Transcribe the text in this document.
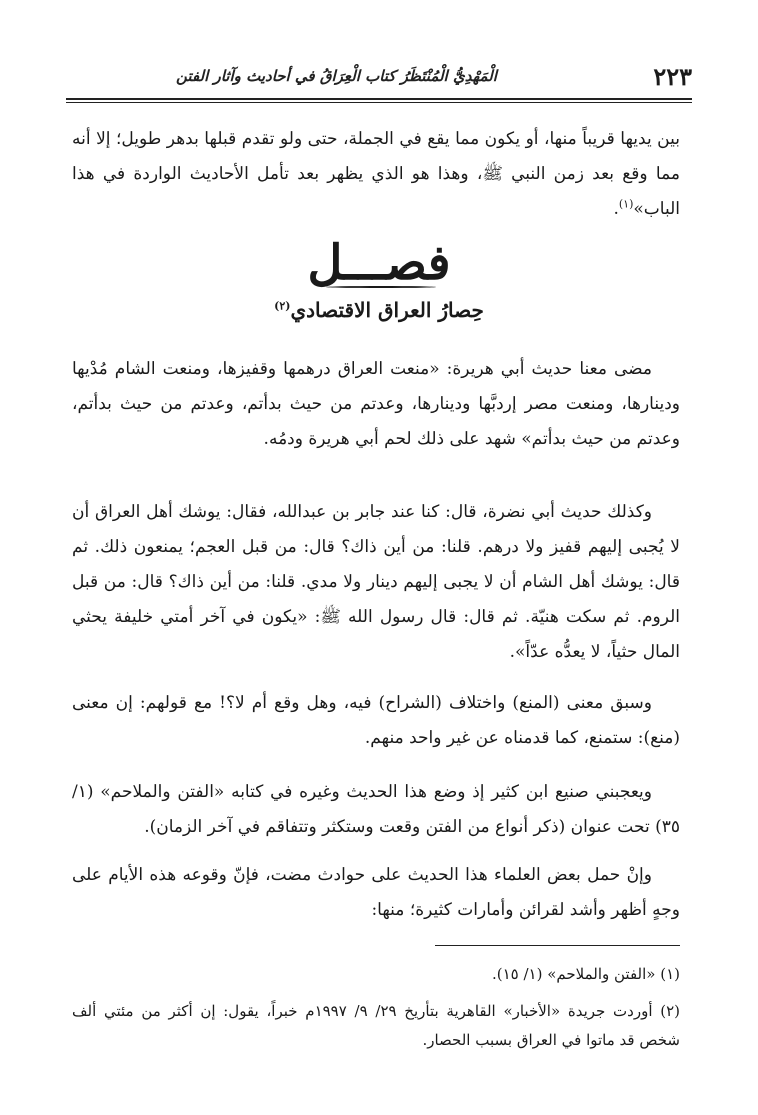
٢٢٣
الْمَهْدِيُّ الْمُنْتَظَرُ كتاب الْعِرَاقُ في أحاديث وآثار الفتن
بين يديها قريباً منها، أو يكون مما يقع في الجملة، حتى ولو تقدم قبلها بدهر طويل؛ إلا أنه مما وقع بعد زمن النبي ﷺ، وهذا هو الذي يظهر بعد تأمل الأحاديث الواردة في هذا الباب»$^{(١)}$.
فصـــل
حِصارُ العراق الاقتصادي$^{(٢)}$
مضى معنا حديث أبي هريرة: «منعت العراق درهمها وقفيزها، ومنعت الشام مُدْيها ودينارها، ومنعت مصر إردبَّها ودينارها، وعدتم من حيث بدأتم، وعدتم من حيث بدأتم، وعدتم من حيث بدأتم» شهد على ذلك لحم أبي هريرة ودمُه.
وكذلك حديث أبي نضرة، قال: كنا عند جابر بن عبدالله، فقال: يوشك أهل العراق أن لا يُجبى إليهم قفيز ولا درهم. قلنا: من أين ذاك؟ قال: من قبل العجم؛ يمنعون ذلك. ثم قال: يوشك أهل الشام أن لا يجبى إليهم دينار ولا مدي. قلنا: من أين ذاك؟ قال: من قبل الروم. ثم سكت هنيّة. ثم قال: قال رسول الله ﷺ: «يكون في آخر أمتي خليفة يحثي المال حثياً، لا يعدُّه عدّاً».
وسبق معنى (المنع) واختلاف (الشراح) فيه، وهل وقع أم لا؟! مع قولهم: إن معنى (منع): ستمنع، كما قدمناه عن غير واحد منهم.
ويعجبني صنيع ابن كثير إذ وضع هذا الحديث وغيره في كتابه «الفتن والملاحم» (١/ ٣٥) تحت عنوان (ذكر أنواع من الفتن وقعت وستكثر وتتفاقم في آخر الزمان).
وإنْ حمل بعض العلماء هذا الحديث على حوادث مضت، فإنّ وقوعه هذه الأيام على وجهٍ أظهر وأشد لقرائن وأمارات كثيرة؛ منها:
(١) «الفتن والملاحم» (١/ ١٥).
(٢) أوردت جريدة «الأخبار» القاهرية بتأريخ ٢٩/ ٩/ ١٩٩٧م خبراً، يقول: إن أكثر من مئتي ألف شخص قد ماتوا في العراق بسبب الحصار.
